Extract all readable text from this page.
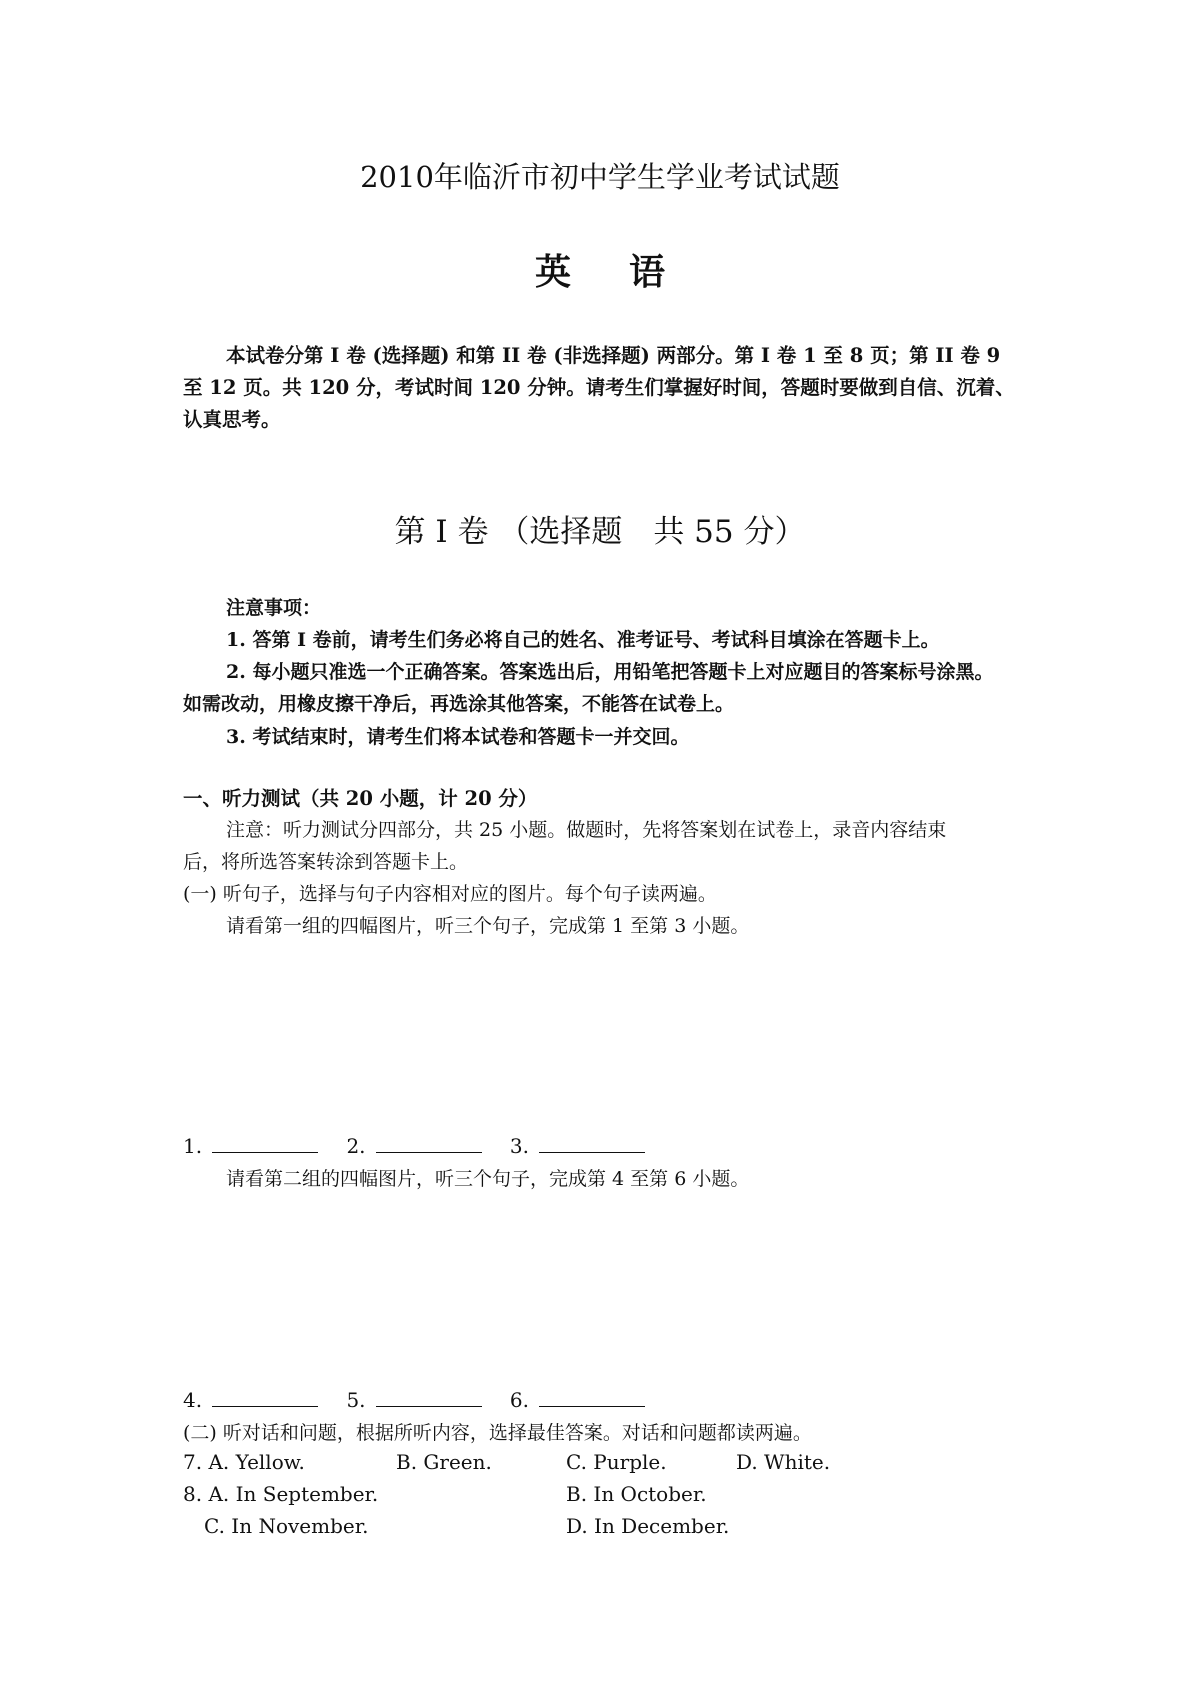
2010年临沂市初中学生学业考试试题
英语
本试卷分第 I 卷 (选择题) 和第 II 卷 (非选择题) 两部分。第 I 卷 1 至 8 页；第 II 卷 9
至 12 页。共 120 分，考试时间 120 分钟。请考生们掌握好时间，答题时要做到自信、沉着、
认真思考。
第 I 卷 （选择题　共 55 分）
注意事项：
1. 答第 I 卷前，请考生们务必将自己的姓名、准考证号、考试科目填涂在答题卡上。
2. 每小题只准选一个正确答案。答案选出后，用铅笔把答题卡上对应题目的答案标号涂黑。
如需改动，用橡皮擦干净后，再选涂其他答案，不能答在试卷上。
3. 考试结束时，请考生们将本试卷和答题卡一并交回。
一、听力测试（共 20 小题，计 20 分）
注意：听力测试分四部分，共 25 小题。做题时，先将答案划在试卷上，录音内容结束
后，将所选答案转涂到答题卡上。
(一) 听句子，选择与句子内容相对应的图片。每个句子读两遍。
请看第一组的四幅图片，听三个句子，完成第 1 至第 3 小题。
1.	2.	3.
请看第二组的四幅图片，听三个句子，完成第 4 至第 6 小题。
4.	5.	6.
(二) 听对话和问题，根据所听内容，选择最佳答案。对话和问题都读两遍。
7. A. Yellow.	B. Green.	C. Purple.	D. White.
8. A. In September.	B. In October.
C. In November.	D. In December.
